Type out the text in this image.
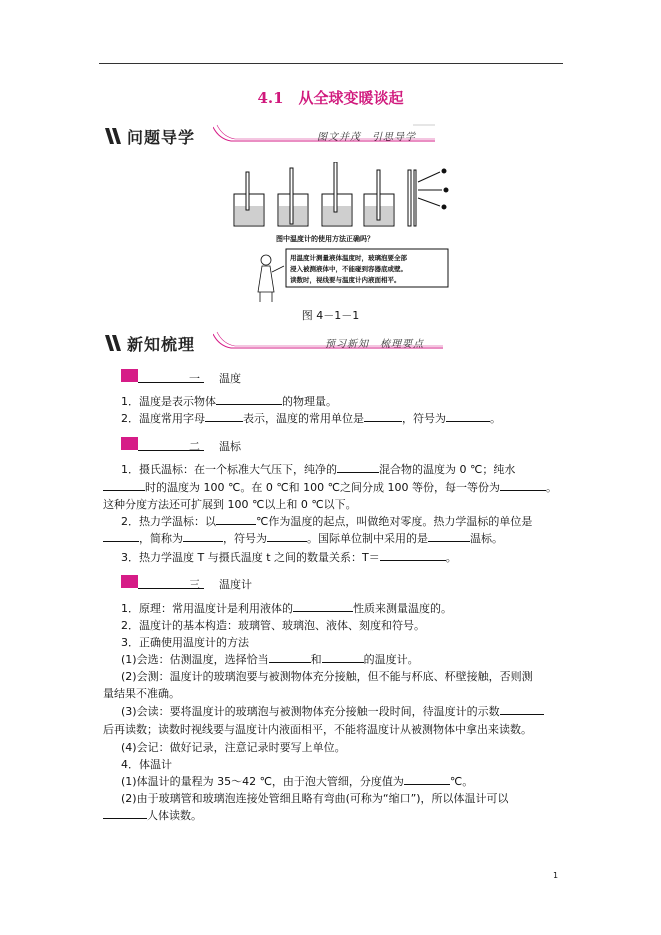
4.1　从全球变暖谈起
问题导学	图文并茂　引思导学
图中温度计的使用方法正确吗？
用温度计测量液体温度时，玻璃泡要全部
浸入被测液体中，不能碰到容器底或壁。
读数时，视线要与温度计内液面相平。
图 4－1－1
新知梳理	预习新知　梳理要点
一 温度
1．温度是表示物体	的物理量。
2．温度常用字母	表示，温度的常用单位是	，符号为	。
二 温标
1．摄氏温标：在一个标准大气压下，纯净的	混合物的温度为 0 ℃；纯水
时的温度为 100 ℃。在 0 ℃和 100 ℃之间分成 100 等份，每一等份为	。
这种分度方法还可扩展到 100 ℃以上和 0 ℃以下。
2．热力学温标：以	℃作为温度的起点，叫做绝对零度。热力学温标的单位是
，简称为	，符号为	。国际单位制中采用的是	温标。
3．热力学温度 T 与摄氏温度 t 之间的数量关系：T＝	。
三 温度计
1．原理：常用温度计是利用液体的	性质来测量温度的。
2．温度计的基本构造：玻璃管、玻璃泡、液体、刻度和符号。
3．正确使用温度计的方法
(1)会选：估测温度，选择恰当	和	的温度计。
(2)会测：温度计的玻璃泡要与被测物体充分接触，但不能与杯底、杯壁接触，否则测
量结果不准确。
(3)会读：要将温度计的玻璃泡与被测物体充分接触一段时间，待温度计的示数
后再读数；读数时视线要与温度计内液面相平，不能将温度计从被测物体中拿出来读数。
(4)会记：做好记录，注意记录时要写上单位。
4．体温计
(1)体温计的量程为 35～42 ℃，由于泡大管细，分度值为	℃。
(2)由于玻璃管和玻璃泡连接处管细且略有弯曲(可称为“缩口”)，所以体温计可以
人体读数。
1
